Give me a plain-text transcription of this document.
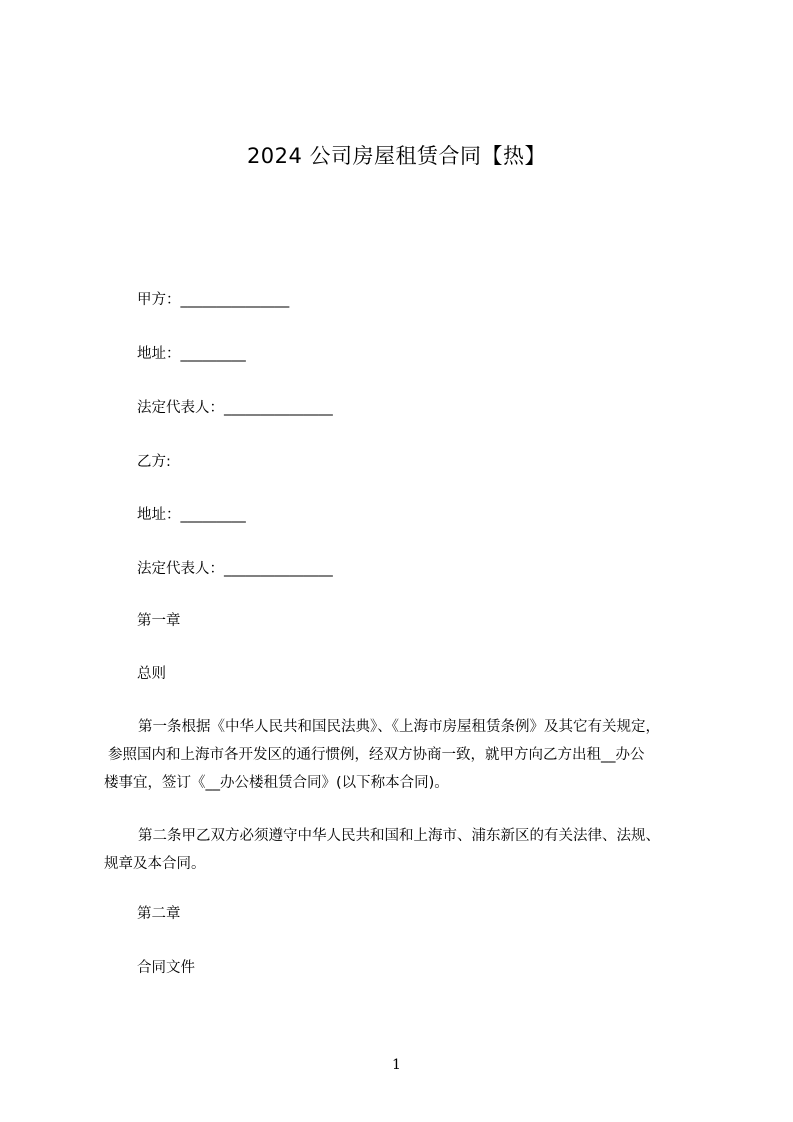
2024 公司房屋租赁合同【热】
甲方：_______________
地址：_________
法定代表人：_______________
乙方:
地址：_________
法定代表人：_______________
第一章
总则
第一条根据《中华人民共和国民法典》、《上海市房屋租赁条例》及其它有关规定，
参照国内和上海市各开发区的通行惯例，经双方协商一致，就甲方向乙方出租__办公
楼事宜，签订《__办公楼租赁合同》(以下称本合同)。
第二条甲乙双方必须遵守中华人民共和国和上海市、浦东新区的有关法律、法规、
规章及本合同。
第二章
合同文件
1
